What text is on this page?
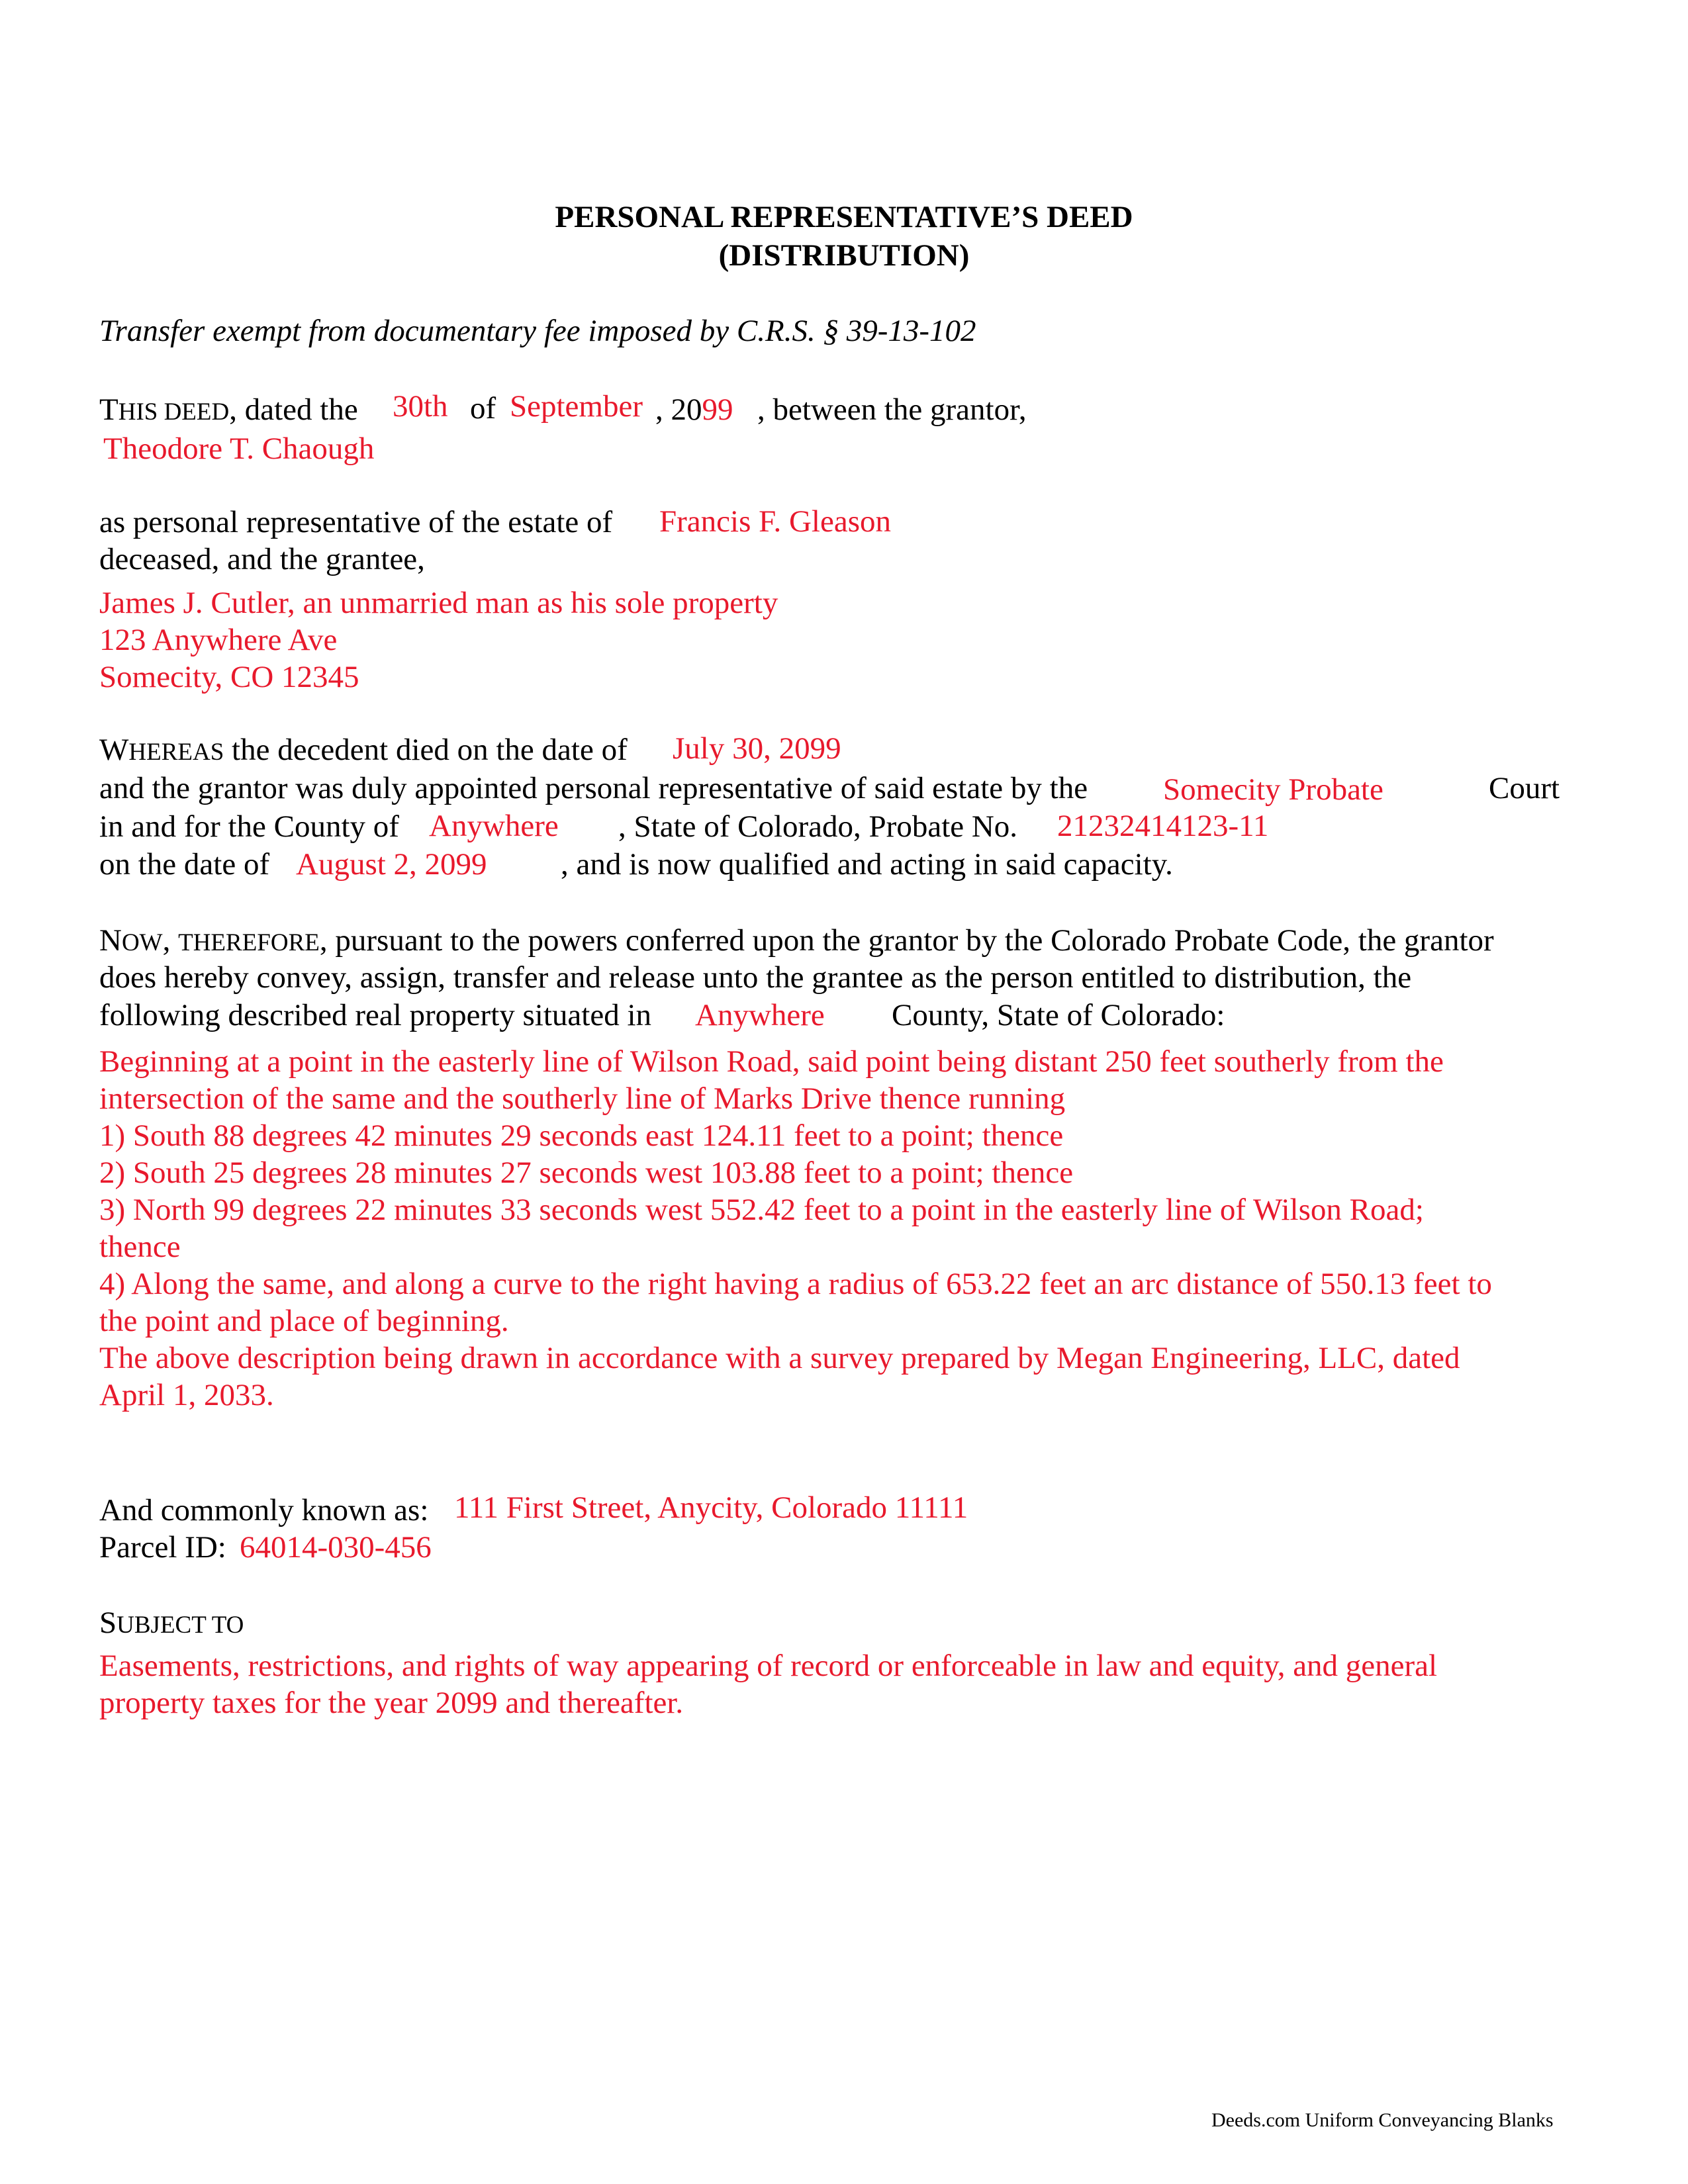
PERSONAL REPRESENTATIVE’S DEED
(DISTRIBUTION)
Transfer exempt from documentary fee imposed by C.R.S. § 39-13-102
THIS DEED, dated the 30th of September , 2099 , between the grantor,
Theodore T. Chaough
as personal representative of the estate of Francis F. Gleason
deceased, and the grantee,
James J. Cutler, an unmarried man as his sole property
123 Anywhere Ave
Somecity, CO 12345
WHEREAS the decedent died on the date of July 30, 2099
and the grantor was duly appointed personal representative of said estate by the Somecity Probate	Court
in and for the County of Anywhere , State of Colorado, Probate No. 21232414123-11
on the date of August 2, 2099 , and is now qualified and acting in said capacity.
NOW, THEREFORE, pursuant to the powers conferred upon the grantor by the Colorado Probate Code, the grantor
does hereby convey, assign, transfer and release unto the grantee as the person entitled to distribution, the
following described real property situated in Anywhere County, State of Colorado:
Beginning at a point in the easterly line of Wilson Road, said point being distant 250 feet southerly from the
intersection of the same and the southerly line of Marks Drive thence running
1) South 88 degrees 42 minutes 29 seconds east 124.11 feet to a point; thence
2) South 25 degrees 28 minutes 27 seconds west 103.88 feet to a point; thence
3) North 99 degrees 22 minutes 33 seconds west 552.42 feet to a point in the easterly line of Wilson Road;
thence
4) Along the same, and along a curve to the right having a radius of 653.22 feet an arc distance of 550.13 feet to
the point and place of beginning.
The above description being drawn in accordance with a survey prepared by Megan Engineering, LLC, dated
April 1, 2033.
And commonly known as: 111 First Street, Anycity, Colorado 11111
Parcel ID: 64014-030-456
SUBJECT TO
Easements, restrictions, and rights of way appearing of record or enforceable in law and equity, and general
property taxes for the year 2099 and thereafter.
Deeds.com Uniform Conveyancing Blanks
